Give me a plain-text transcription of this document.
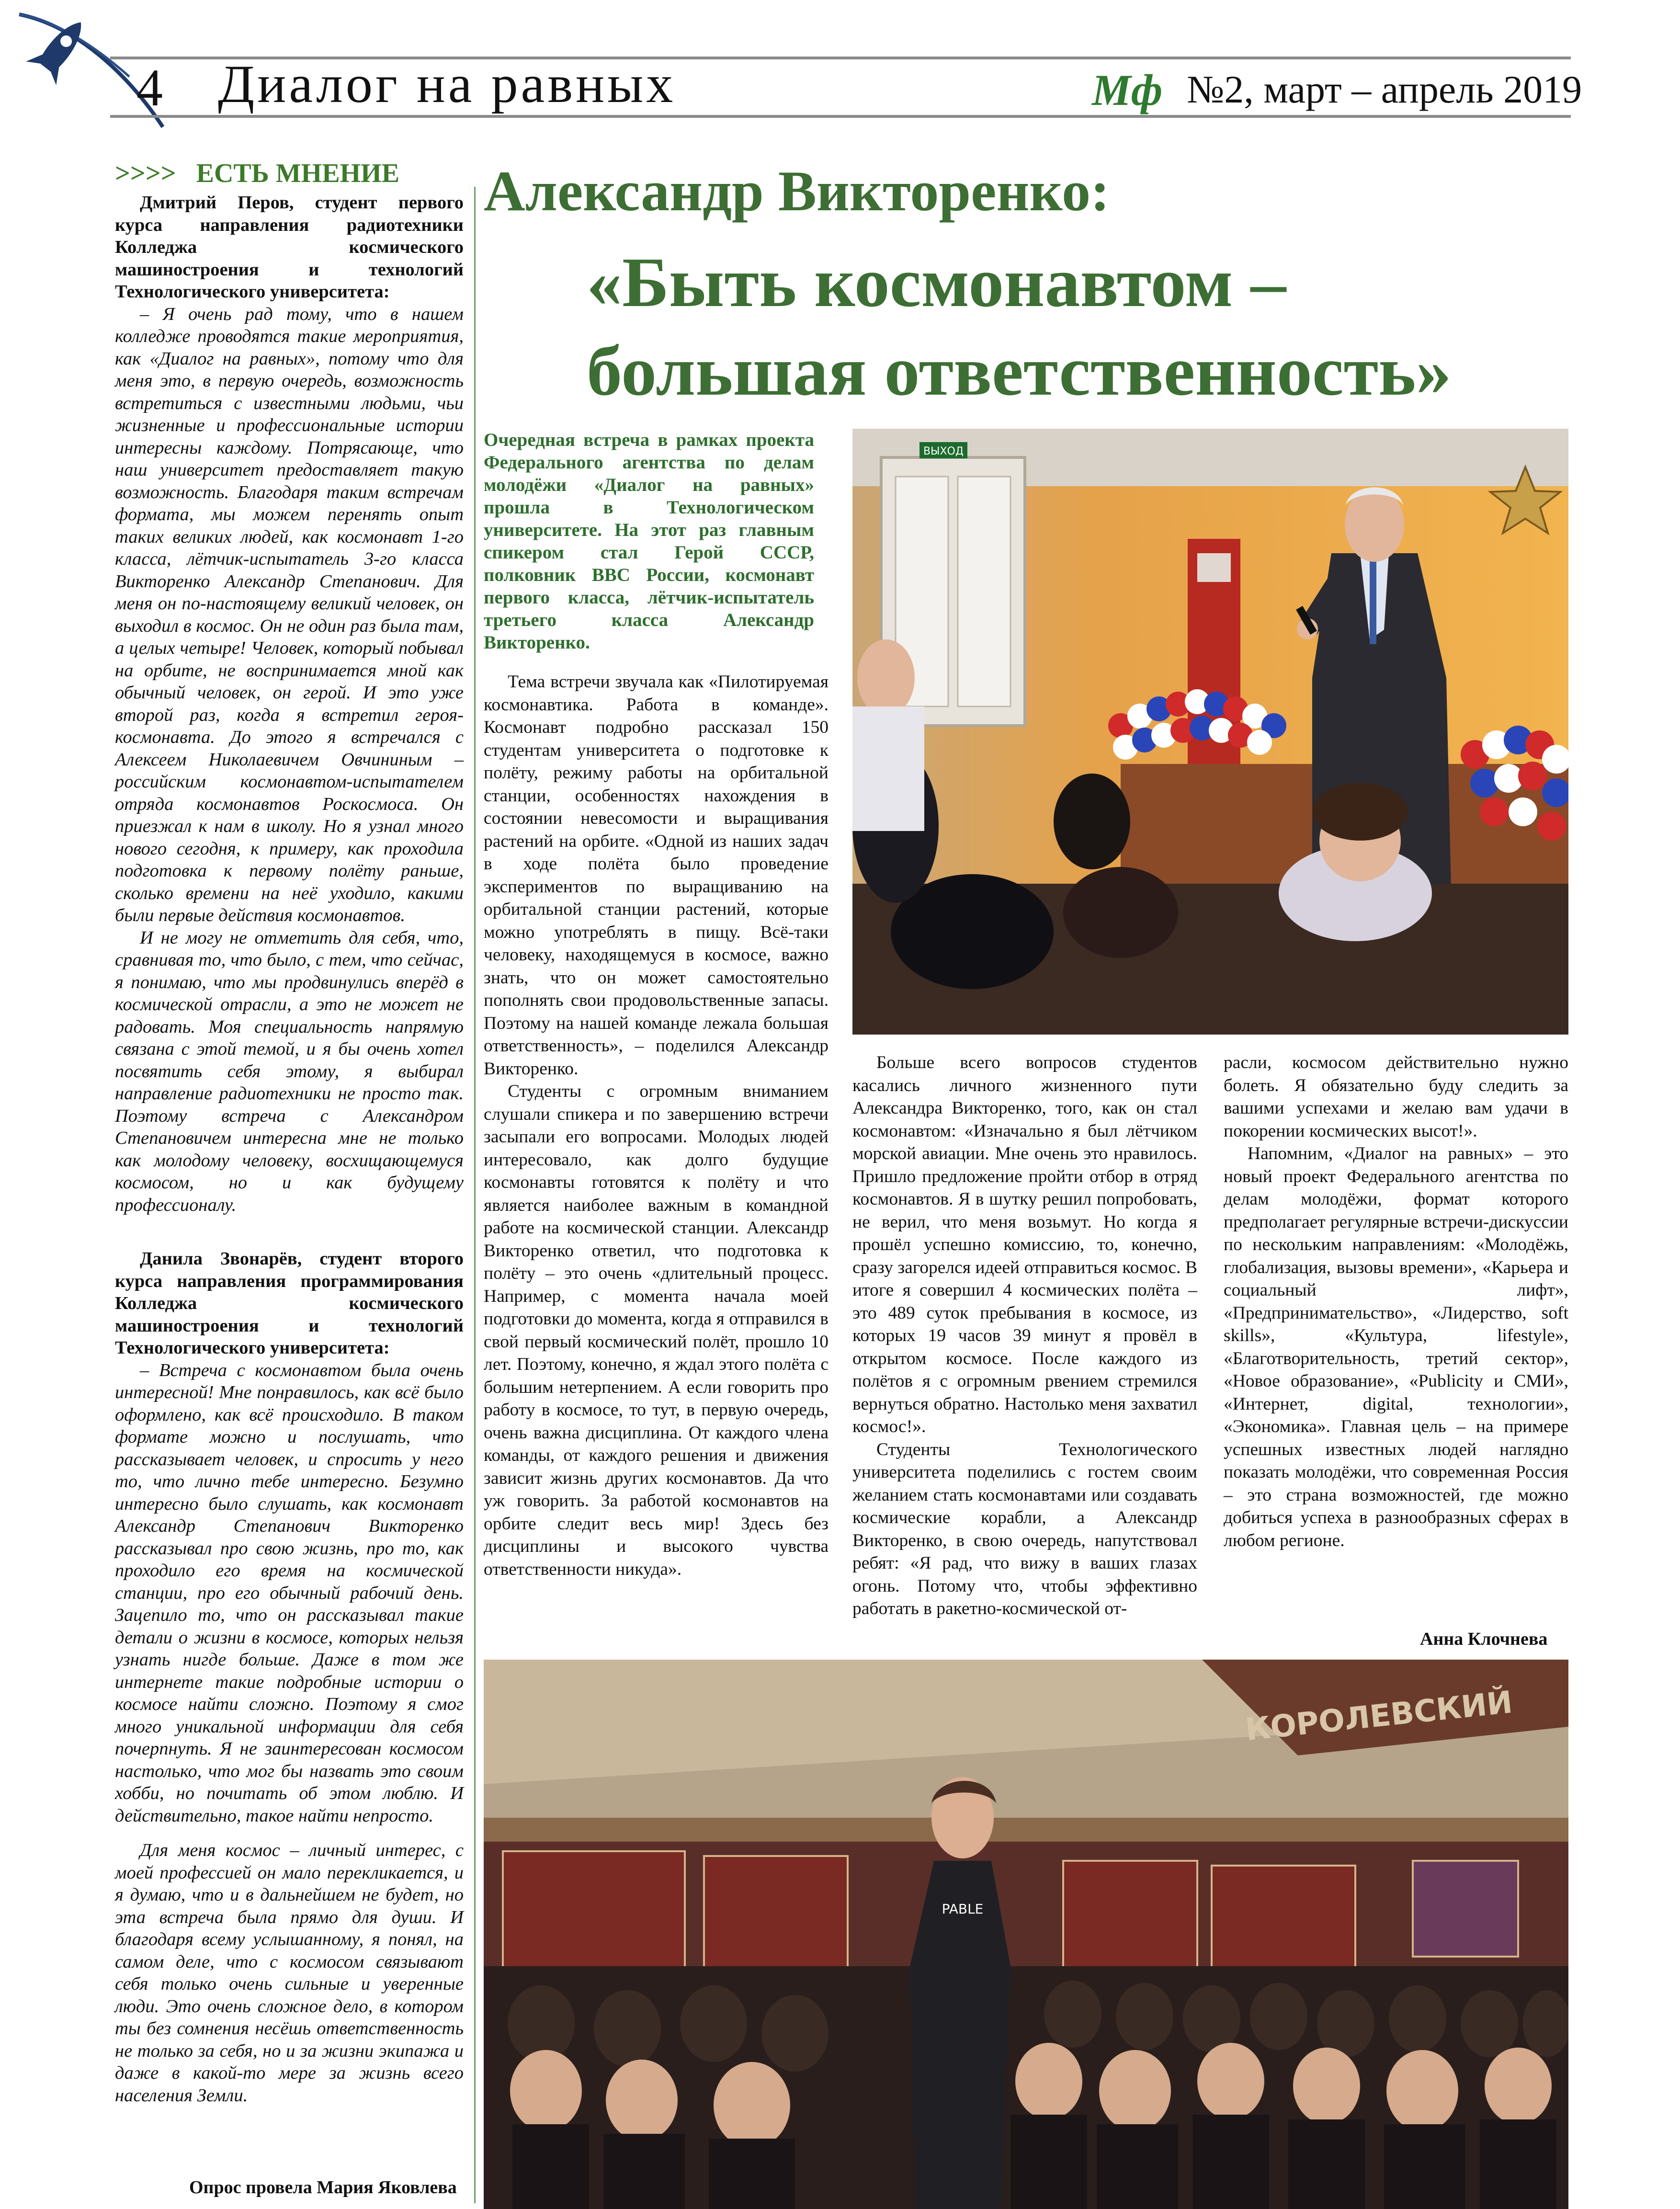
4 Диалог на равных	Мф №2, март – апрель 2019
>>>> ЕСТЬ МНЕНИЕ

Дмитрий Перов, студент первого курса направления радиотехники Колледжа космического машиностроения и технологий Технологического университета:

– Я очень рад тому, что в нашем колледже проводятся такие мероприятия, как «Диалог на равных», потому что для меня это, в первую очередь, возможность встретиться с известными людьми, чьи жизненные и профессиональные истории интересны каждому. Потрясающе, что наш университет предоставляет такую возможность. Благодаря таким встречам формата, мы можем перенять опыт таких великих людей, как космонавт 1-го класса, лётчик-испытатель 3-го класса Викторенко Александр Степанович. Для меня он по-настоящему великий человек, он выходил в космос. Он не один раз была там, а целых четыре! Человек, который побывал на орбите, не воспринимается мной как обычный человек, он герой. И это уже второй раз, когда я встретил героя-космонавта. До этого я встречался с Алексеем Николаевичем Овчининым – российским космонавтом-испытателем отряда космонавтов Роскосмоса. Он приезжал к нам в школу. Но я узнал много нового сегодня, к примеру, как проходила подготовка к первому полёту раньше, сколько времени на неё уходило, какими были первые действия космонавтов.

И не могу не отметить для себя, что, сравнивая то, что было, с тем, что сейчас, я понимаю, что мы продвинулись вперёд в космической отрасли, а это не может не радовать. Моя специальность напрямую связана с этой темой, и я бы очень хотел посвятить себя этому, я выбирал направление радиотехники не просто так. Поэтому встреча с Александром Степановичем интересна мне не только как молодому человеку, восхищающемуся космосом, но и как будущему профессионалу.

Данила Звонарёв, студент второго курса направления программирования Колледжа космического машиностроения и технологий Технологического университета:

– Встреча с космонавтом была очень интересной! Мне понравилось, как всё было оформлено, как всё происходило. В таком формате можно и послушать, что рассказывает человек, и спросить у него то, что лично тебе интересно. Безумно интересно было слушать, как космонавт Александр Степанович Викторенко рассказывал про свою жизнь, про то, как проходило его время на космической станции, про его обычный рабочий день. Зацепило то, что он рассказывал такие детали о жизни в космосе, которых нельзя узнать нигде больше. Даже в том же интернете такие подробные истории о космосе найти сложно. Поэтому я смог много уникальной информации для себя почерпнуть. Я не заинтересован космосом настолько, что мог бы назвать это своим хобби, но почитать об этом люблю. И действительно, такое найти непросто.

Для меня космос – личный интерес, с моей профессией он мало перекликается, и я думаю, что и в дальнейшем не будет, но эта встреча была прямо для души. И благодаря всему услышанному, я понял, на самом деле, что с космосом связывают себя только очень сильные и уверенные люди. Это очень сложное дело, в котором ты без сомнения несёшь ответственность не только за себя, но и за жизни экипажа и даже в какой-то мере за жизнь всего населения Земли.

Опрос провела Мария Яковлева
Александр Викторенко:
«Быть космонавтом –
большая ответственность»
Очередная встреча в рамках проекта Федерального агентства по делам молодёжи «Диалог на равных» прошла в Технологическом университете. На этот раз главным спикером стал Герой СССР, полковник ВВС России, космонавт первого класса, лётчик-испытатель третьего класса Александр Викторенко.

Тема встречи звучала как «Пилотируемая космонавтика. Работа в команде». Космонавт подробно рассказал 150 студентам университета о подготовке к полёту, режиму работы на орбитальной станции, особенностях нахождения в состоянии невесомости и выращивания растений на орбите. «Одной из наших задач в ходе полёта было проведение экспериментов по выращиванию на орбитальной станции растений, которые можно употреблять в пищу. Всё-таки человеку, находящемуся в космосе, важно знать, что он может самостоятельно пополнять свои продовольственные запасы. Поэтому на нашей команде лежала большая ответственность», – поделился Александр Викторенко.

Студенты с огромным вниманием слушали спикера и по завершению встречи засыпали его вопросами. Молодых людей интересовало, как долго будущие космонавты готовятся к полёту и что является наиболее важным в командной работе на космической станции. Александр Викторенко ответил, что подготовка к полёту – это очень «длительный процесс. Например, с момента начала моей подготовки до момента, когда я отправился в свой первый космический полёт, прошло 10 лет. Поэтому, конечно, я ждал этого полёта с большим нетерпением. А если говорить про работу в космосе, то тут, в первую очередь, очень важна дисциплина. От каждого члена команды, от каждого решения и движения зависит жизнь других космонавтов. Да что уж говорить. За работой космонавтов на орбите следит весь мир! Здесь без дисциплины и высокого чувства ответственности никуда».

Больше всего вопросов студентов касались личного жизненного пути Александра Викторенко, того, как он стал космонавтом: «Изначально я был лётчиком морской авиации. Мне очень это нравилось. Пришло предложение пройти отбор в отряд космонавтов. Я в шутку решил попробовать, не верил, что меня возьмут. Но когда я прошёл успешно комиссию, то, конечно, сразу загорелся идеей отправиться космос. В итоге я совершил 4 космических полёта – это 489 суток пребывания в космосе, из которых 19 часов 39 минут я провёл в открытом космосе. После каждого из полётов я с огромным рвением стремился вернуться обратно. Настолько меня захватил космос!».

Студенты Технологического университета поделились с гостем своим желанием стать космонавтами или создавать космические корабли, а Александр Викторенко, в свою очередь, напутствовал ребят: «Я рад, что вижу в ваших глазах огонь. Потому что, чтобы эффективно работать в ракетно-космической от-

расли, космосом действительно нужно болеть. Я обязательно буду следить за вашими успехами и желаю вам удачи в покорении космических высот!».

Напомним, «Диалог на равных» – это новый проект Федерального агентства по делам молодёжи, формат которого предполагает регулярные встречи-дискуссии по нескольким направлениям: «Молодёжь, глобализация, вызовы времени», «Карьера и социальный лифт», «Предпринимательство», «Лидерство, soft skills», «Культура, lifestyle», «Благотворительность, третий сектор», «Новое образование», «Publicity и СМИ», «Интернет, digital, технологии», «Экономика». Главная цель – на примере успешных известных людей наглядно показать молодёжи, что современная Россия – это страна возможностей, где можно добиться успеха в разнообразных сферах в любом регионе.

Анна Клочнева
ВЫХОД
КОРОЛЕВСКИЙ
PABLE
